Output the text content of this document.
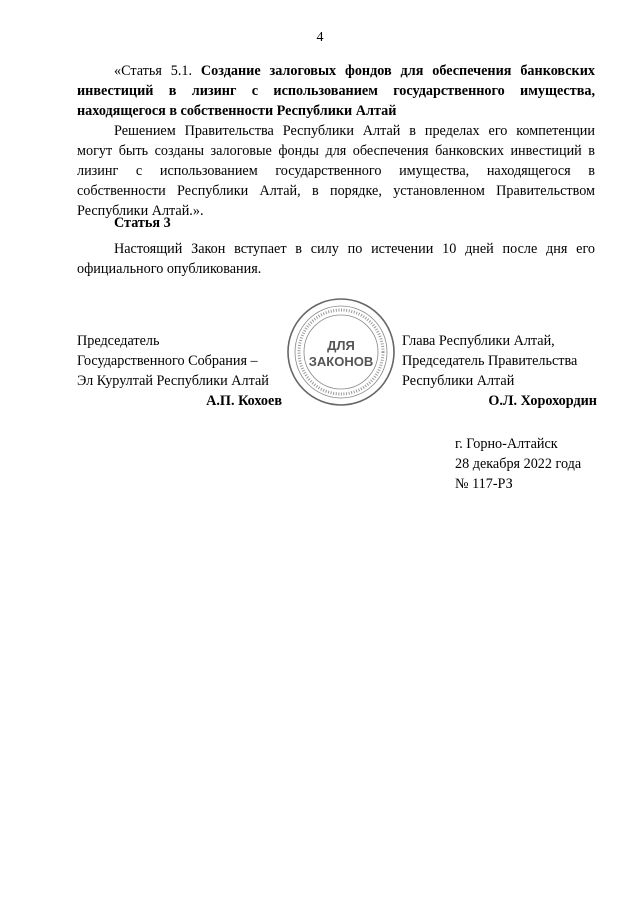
4

«Статья 5.1. Создание залоговых фондов для обеспечения банковских инвестиций в лизинг с использованием государственного имущества, находящегося в собственности Республики Алтай

Решением Правительства Республики Алтай в пределах его компетенции могут быть созданы залоговые фонды для обеспечения банковских инвестиций в лизинг с использованием государственного имущества, находящегося в собственности Республики Алтай, в порядке, установленном Правительством Республики Алтай.».

Статья 3

Настоящий Закон вступает в силу по истечении 10 дней после дня его официального опубликования.

Председатель
Государственного Собрания –
Эл Курултай Республики Алтай
А.П. Кохоев
ДЛЯ
ЗАКОНОВ
Глава Республики Алтай,
Председатель Правительства
Республики Алтай
О.Л. Хорохордин
г. Горно-Алтайск
28 декабря 2022 года
№ 117-РЗ
